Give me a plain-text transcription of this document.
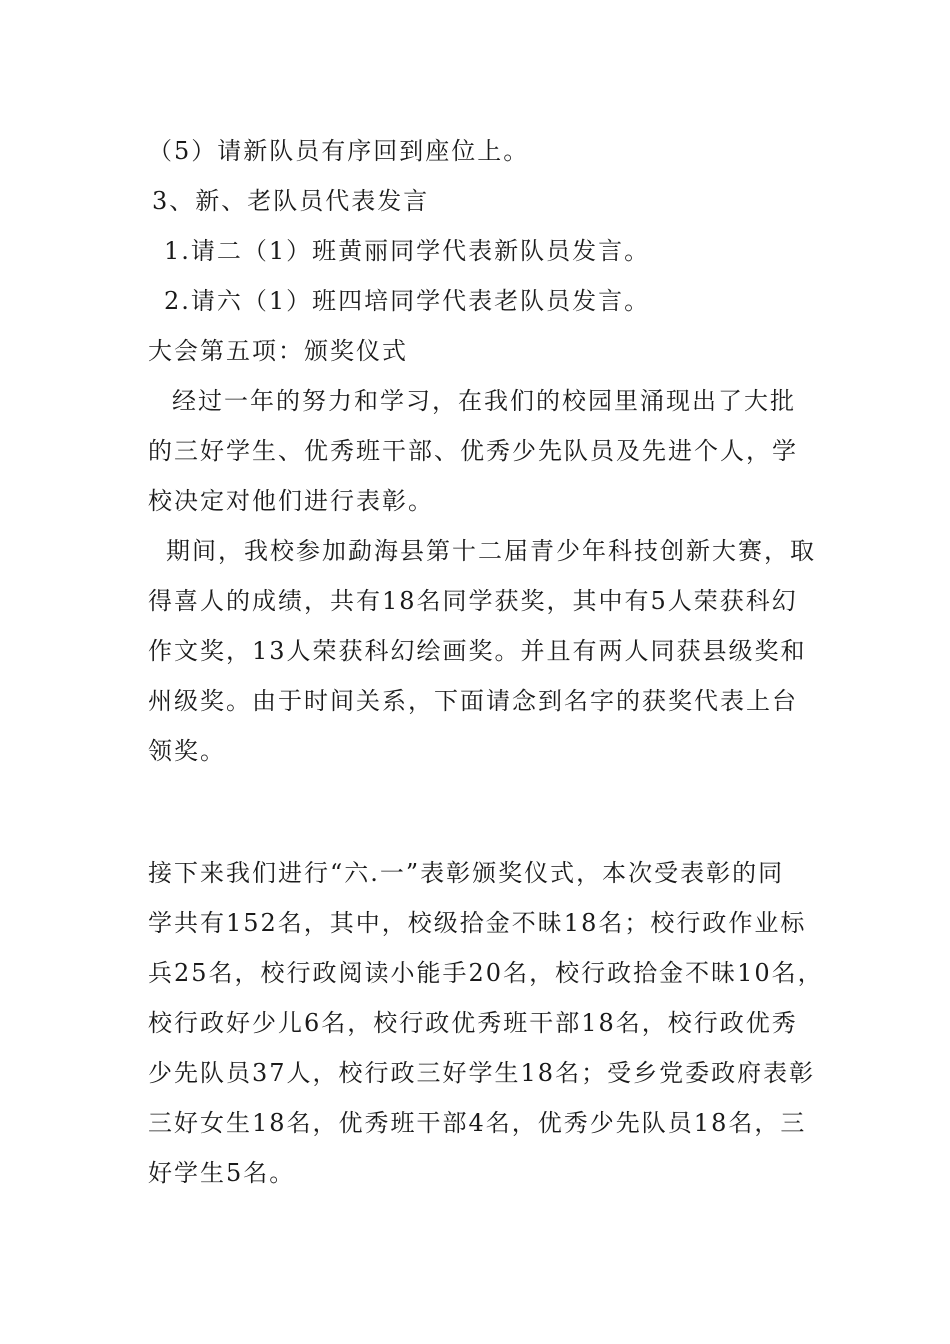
（5）请新队员有序回到座位上。
3、新、老队员代表发言
1.请二（1）班黄丽同学代表新队员发言。
2.请六（1）班四培同学代表老队员发言。
大会第五项：颁奖仪式
经过一年的努力和学习，在我们的校园里涌现出了大批
的三好学生、优秀班干部、优秀少先队员及先进个人，学
校决定对他们进行表彰。
期间，我校参加勐海县第十二届青少年科技创新大赛，取
得喜人的成绩，共有18名同学获奖，其中有5人荣获科幻
作文奖，13人荣获科幻绘画奖。并且有两人同获县级奖和
州级奖。由于时间关系，下面请念到名字的获奖代表上台
领奖。
接下来我们进行“六.一”表彰颁奖仪式，本次受表彰的同
学共有152名，其中，校级拾金不昧18名；校行政作业标
兵25名，校行政阅读小能手20名，校行政拾金不昧10名，
校行政好少儿6名，校行政优秀班干部18名，校行政优秀
少先队员37人，校行政三好学生18名；受乡党委政府表彰
三好女生18名，优秀班干部4名，优秀少先队员18名，三
好学生5名。
